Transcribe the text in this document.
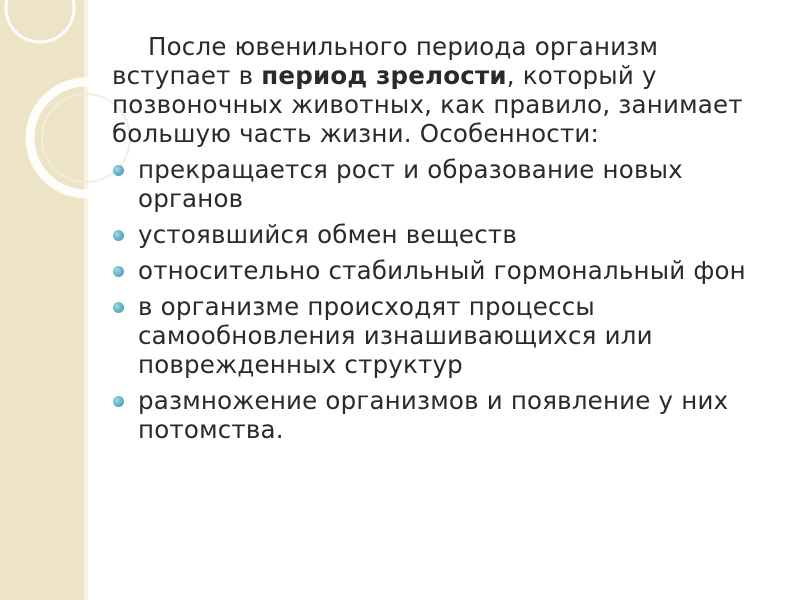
После ювенильного периода организм вступает в период зрелости, который у позвоночных животных, как правило, занимает большую часть жизни. Особенности:

прекращается рост и образование новых органов
устоявшийся обмен веществ
относительно стабильный гормональный фон
в организме происходят процессы самообновления изнашивающихся или поврежденных структур
размножение организмов и появление у них потомства.
